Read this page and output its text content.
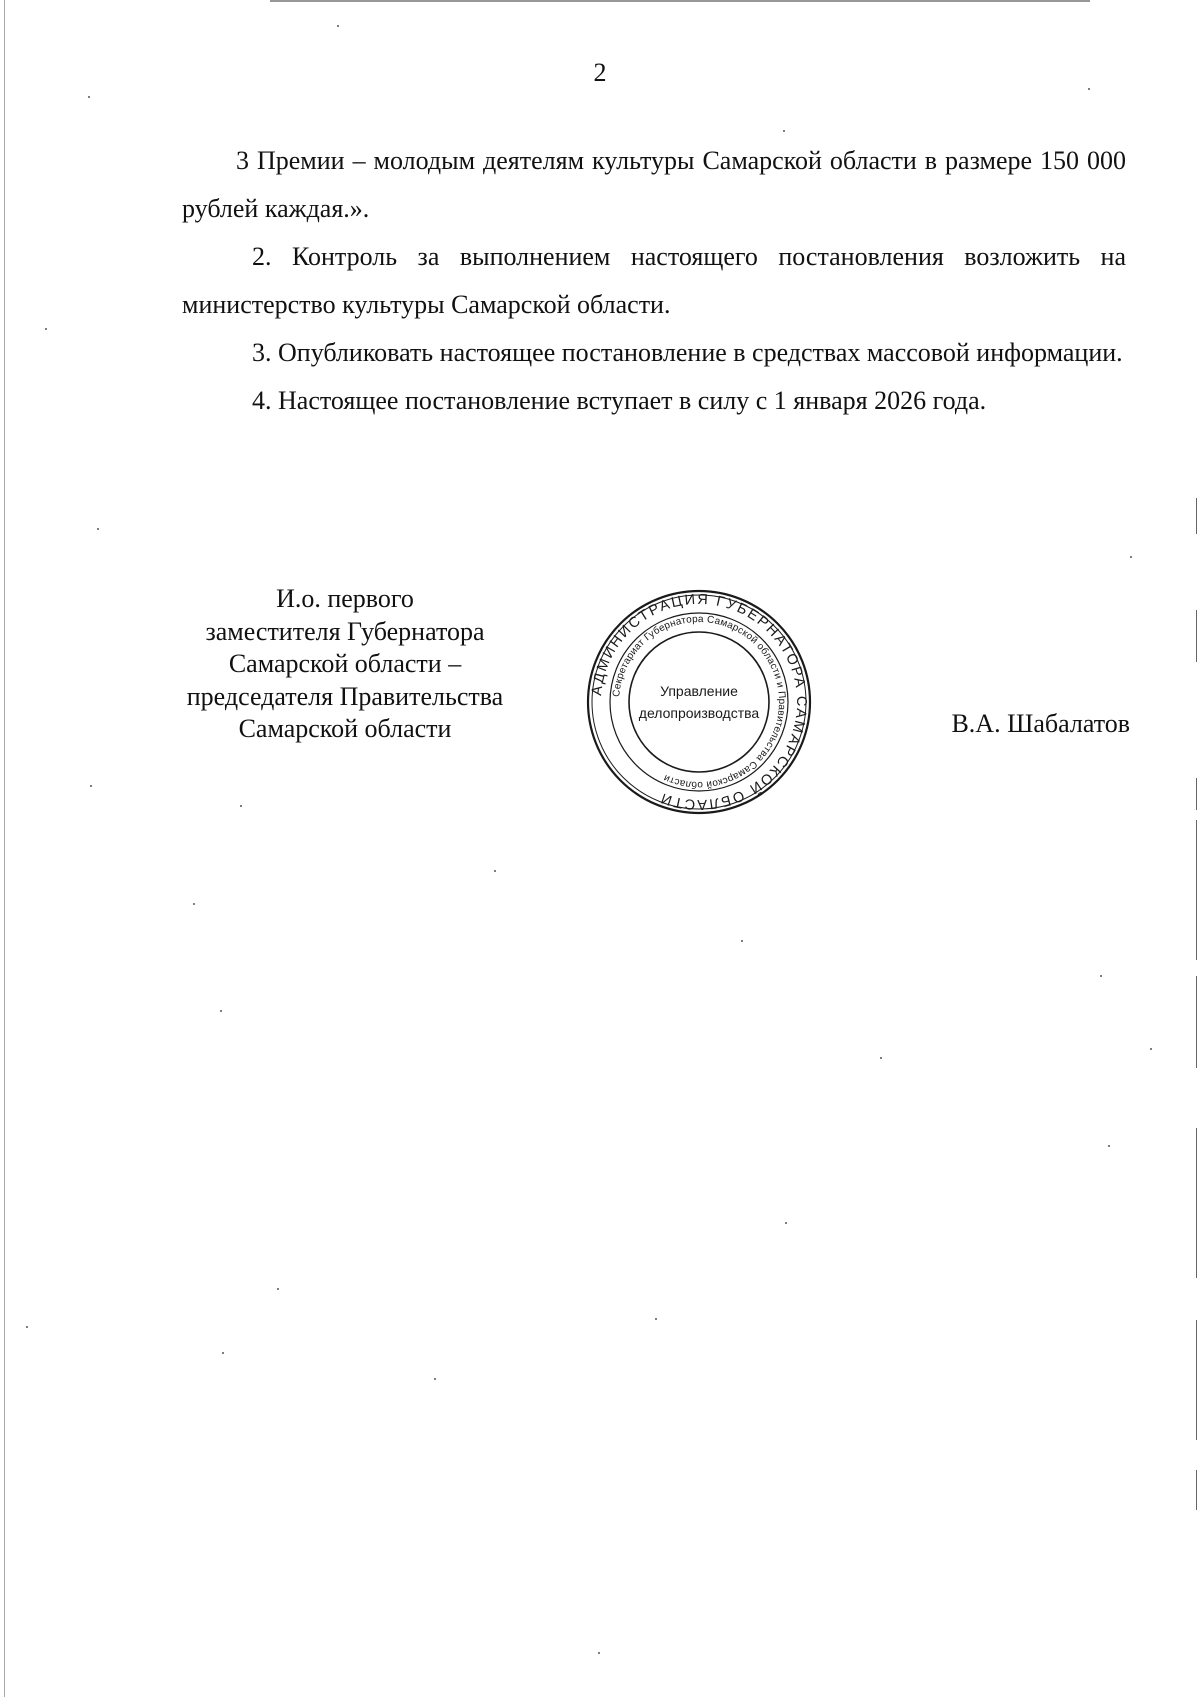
2

3 Премии – молодым деятелям культуры Самарской области в размере 150 000 рублей каждая.».

2. Контроль за выполнением настоящего постановления возложить на министерство культуры Самарской области.

3. Опубликовать настоящее постановление в средствах массовой информации.

4. Настоящее постановление вступает в силу с 1 января 2026 года.

И.о. первого
заместителя Губернатора
Самарской области –
председателя Правительства
Самарской области
АДМИНИСТРАЦИЯ ГУБЕРНАТОРА САМАРСКОЙ ОБЛАСТИ
Секретариат Губернатора Самарской области и Правительства Самарской области
Управление
делопроизводства	В.А. Шабалатов
